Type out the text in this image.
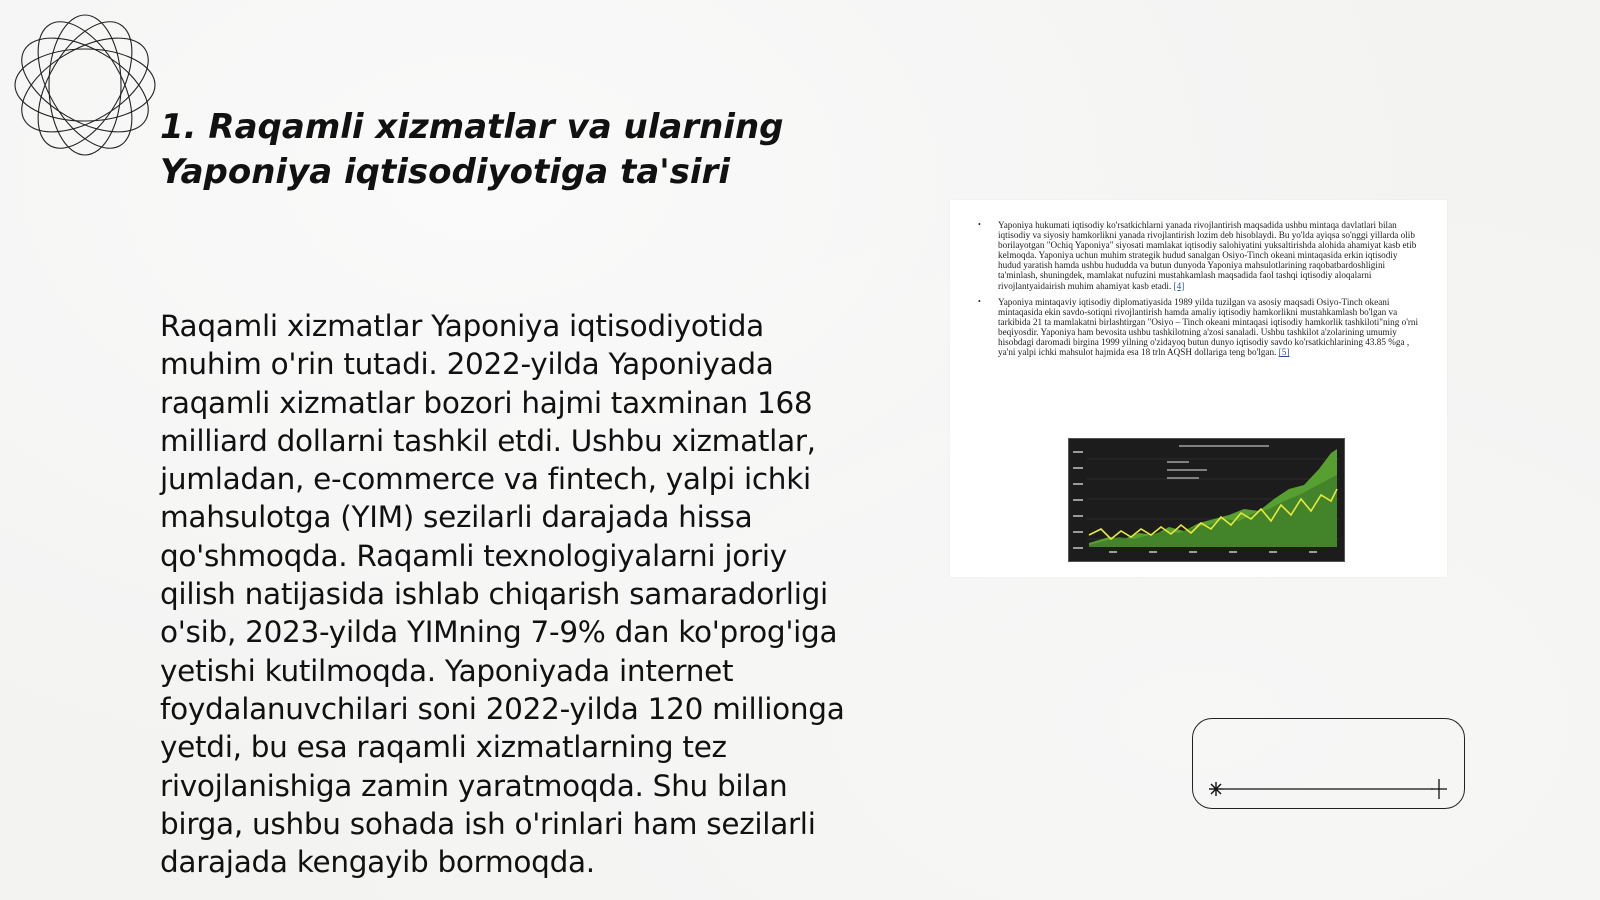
1. Raqamli xizmatlar va ularning Yaponiya iqtisodiyotiga ta'siri

Raqamli xizmatlar Yaponiya iqtisodiyotida muhim o'rin tutadi. 2022-yilda Yaponiyada raqamli xizmatlar bozori hajmi taxminan 168 milliard dollarni tashkil etdi. Ushbu xizmatlar, jumladan, e-commerce va fintech, yalpi ichki mahsulotga (YIM) sezilarli darajada hissa qo'shmoqda. Raqamli texnologiyalarni joriy qilish natijasida ishlab chiqarish samaradorligi o'sib, 2023-yilda YIMning 7-9% dan ko'prog'iga yetishi kutilmoqda. Yaponiyada internet foydalanuvchilari soni 2022-yilda 120 millionga yetdi, bu esa raqamli xizmatlarning tez rivojlanishiga zamin yaratmoqda. Shu bilan birga, ushbu sohada ish o'rinlari ham sezilarli darajada kengayib bormoqda.

• Yaponiya hukumati iqtisodiy ko'rsatkichlarni yanada rivojlantirish maqsadida ushbu mintaqa davlatlari bilan iqtisodiy va siyosiy hamkorlikni yanada rivojlantirish lozim deb hisoblaydi. Bu yo'lda ayiqsa so'nggi yillarda olib borilayotgan "Ochiq Yaponiya" siyosati mamlakat iqtisodiy salohiyatini yuksaltirishda alohida ahamiyat kasb etib kelmoqda. Yaponiya uchun muhim strategik hudud sanalgan Osiyo-Tinch okeani mintaqasida erkin iqtisodiy hudud yaratish hamda ushbu hududda va butun dunyoda Yaponiya mahsulotlarining raqobatbardoshligini ta'minlash, shuningdek, mamlakat nufuzini mustahkamlash maqsadida faol tashqi iqtisodiy aloqalarni rivojlantyaidairish muhim ahamiyat kasb etadi. [4]

• Yaponiya mintaqaviy iqtisodiy diplomatiyasida 1989 yilda tuzilgan va asosiy maqsadi Osiyo-Tinch okeani mintaqasida ekin savdo-sotiqni rivojlantirish hamda amaliy iqtisodiy hamkorlikni mustahkamlash bo'lgan va tarkibida 21 ta mamlakatni birlashtirgan "Osiyo – Tinch okeani mintaqasi iqtisodiy hamkorlik tashkiloti"ning o'rni beqiyosdir. Yaponiya ham bevosita ushbu tashkilotning a'zosi sanaladi. Ushbu tashkilot a'zolarining umumiy hisobdagi daromadi birgina 1999 yilning o'zidayoq butun dunyo iqtisodiy savdo ko'rsatkichlarining 43.85 %ga , ya'ni yalpi ichki mahsulot hajmida esa 18 trln AQSH dollariga teng bo'lgan. [5]
